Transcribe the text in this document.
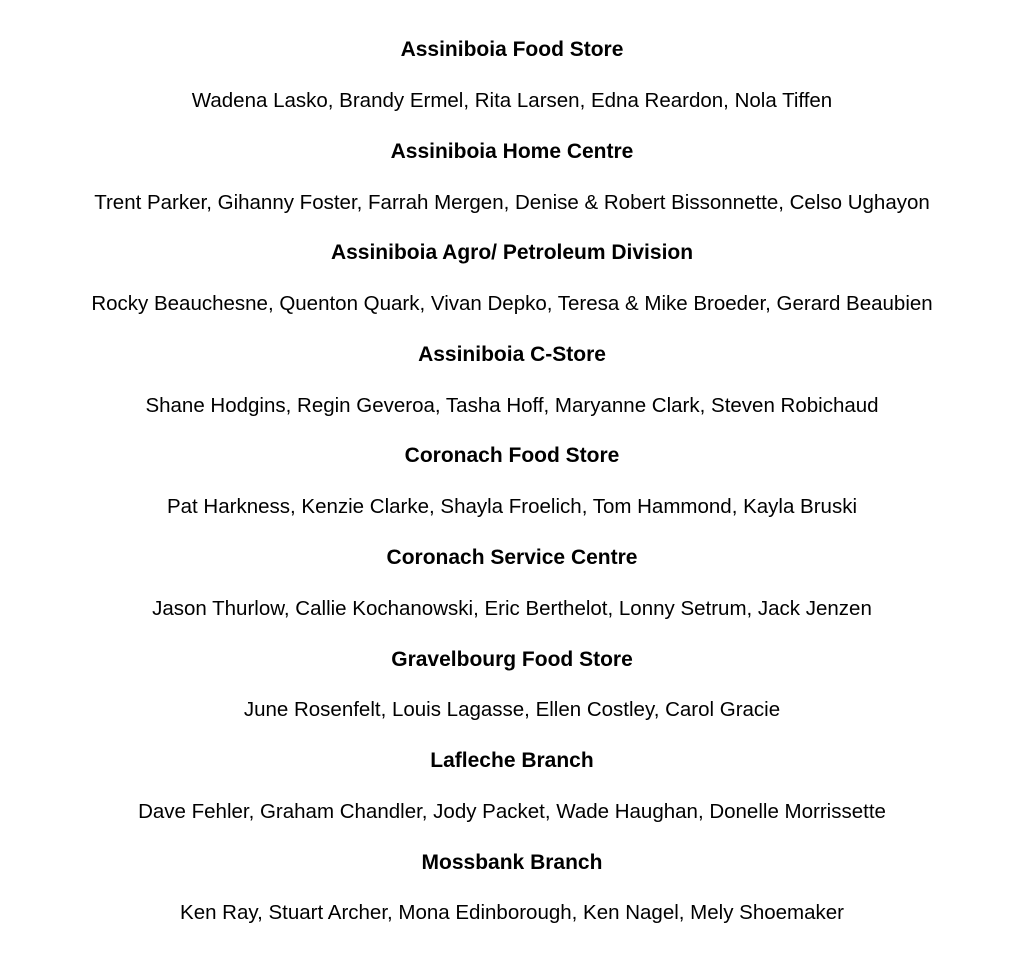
Assiniboia Food Store
Wadena Lasko, Brandy Ermel, Rita Larsen, Edna Reardon, Nola Tiffen
Assiniboia Home Centre
Trent Parker, Gihanny Foster, Farrah Mergen, Denise & Robert Bissonnette, Celso Ughayon
Assiniboia Agro/ Petroleum Division
Rocky Beauchesne, Quenton Quark, Vivan Depko, Teresa & Mike Broeder, Gerard Beaubien
Assiniboia C-Store
Shane Hodgins, Regin Geveroa, Tasha Hoff, Maryanne Clark, Steven Robichaud
Coronach Food Store
Pat Harkness, Kenzie Clarke, Shayla Froelich, Tom Hammond, Kayla Bruski
Coronach Service Centre
Jason Thurlow, Callie Kochanowski, Eric Berthelot, Lonny Setrum, Jack Jenzen
Gravelbourg Food Store
June Rosenfelt, Louis Lagasse, Ellen Costley, Carol Gracie
Lafleche Branch
Dave Fehler, Graham Chandler, Jody Packet, Wade Haughan, Donelle Morrissette
Mossbank Branch
Ken Ray, Stuart Archer, Mona Edinborough, Ken Nagel, Mely Shoemaker
